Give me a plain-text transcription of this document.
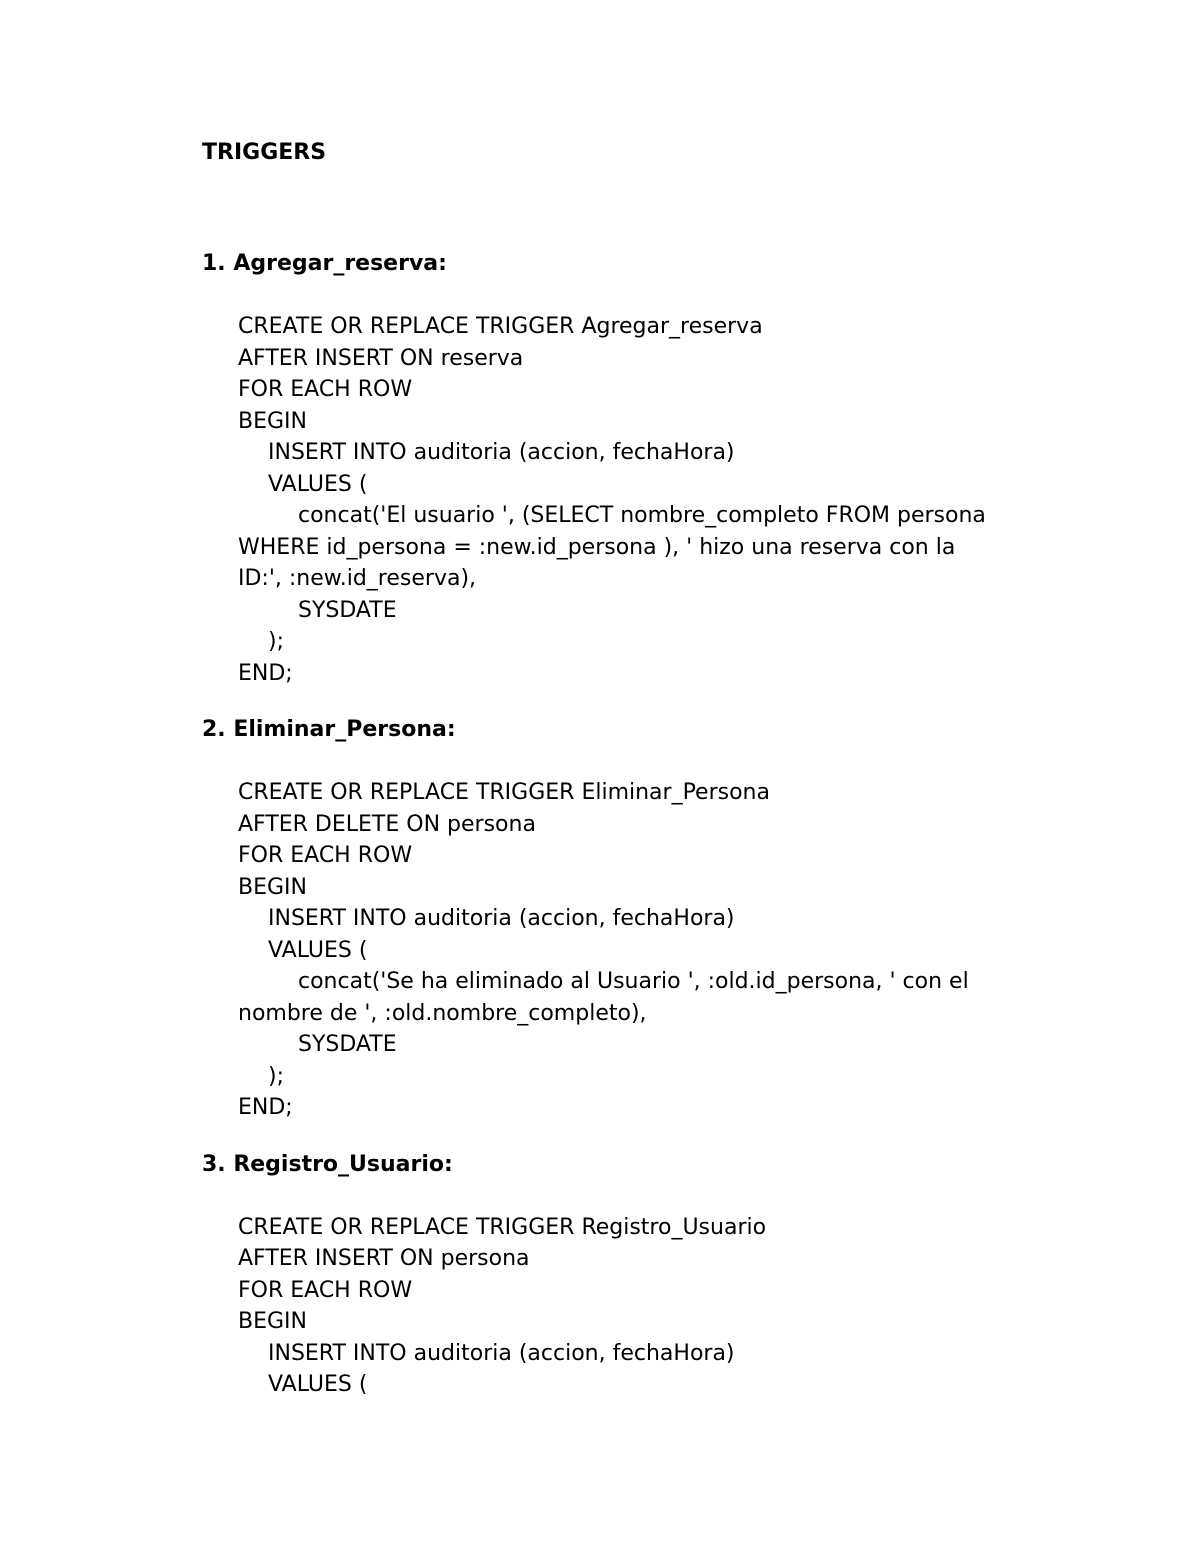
TRIGGERS
1. Agregar_reserva:
CREATE OR REPLACE TRIGGER Agregar_reserva
AFTER INSERT ON reserva
FOR EACH ROW
BEGIN
INSERT INTO auditoria (accion, fechaHora)
VALUES (
concat('El usuario ', (SELECT nombre_completo FROM persona
WHERE id_persona = :new.id_persona ), ' hizo una reserva con la
ID:', :new.id_reserva),
SYSDATE
);
END;
2. Eliminar_Persona:
CREATE OR REPLACE TRIGGER Eliminar_Persona
AFTER DELETE ON persona
FOR EACH ROW
BEGIN
INSERT INTO auditoria (accion, fechaHora)
VALUES (
concat('Se ha eliminado al Usuario ', :old.id_persona, ' con el
nombre de ', :old.nombre_completo),
SYSDATE
);
END;
3. Registro_Usuario:
CREATE OR REPLACE TRIGGER Registro_Usuario
AFTER INSERT ON persona
FOR EACH ROW
BEGIN
INSERT INTO auditoria (accion, fechaHora)
VALUES (
